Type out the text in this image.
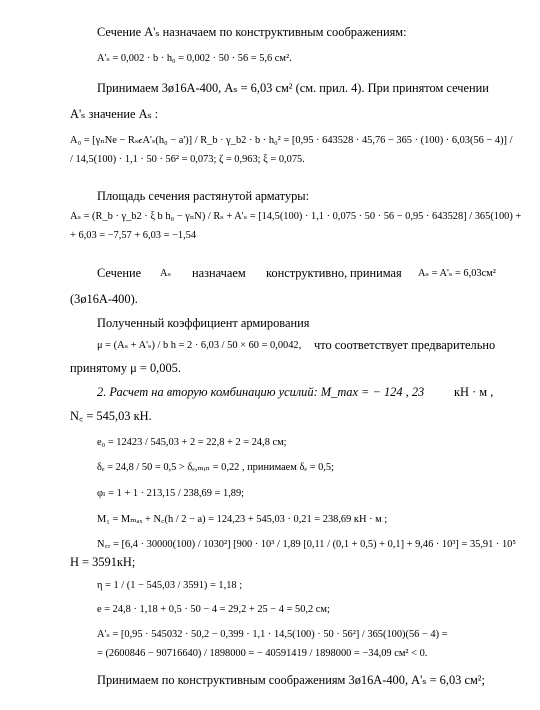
Сечение A'ₛ назначаем по конструктивным соображениям:
A'ₛ = 0,002 · b · h₀ = 0,002 · 50 · 56 = 5,6 см².
Принимаем 3ø16А-400, Aₛ = 6,03 см² (см. прил. 4). При принятом сечении
A'ₛ значение Aₛ :
A₀ = [γₙNe − Rₛ𝒸A'ₛ(h₀ − a')] / R_b · γ_b2 · b · h₀² = [0,95 · 643528 · 45,76 − 365 · (100) · 6,03(56 − 4)] /
/ 14,5(100) · 1,1 · 50 · 56² = 0,073; ζ = 0,963; ξ = 0,075.
Площадь сечения растянутой арматуры:
Aₛ = (R_b · γ_b2 · ξ b h₀ − γₙN) / Rₛ + A'ₛ = [14,5(100) · 1,1 · 0,075 · 50 · 56 − 0,95 · 643528] / 365(100) +
+ 6,03 = −7,57 + 6,03 = −1,54
Сечение Aₛ назначаем конструктивно, принимая Aₛ = A'ₛ = 6,03см²
(3ø16А-400).
Полученный коэффициент армирования
μ = (Aₛ + A'ₛ) / b h = 2 · 6,03 / 50 × 60 = 0,0042, что соответствует предварительно
принятому μ = 0,005.
2. Расчет на вторую комбинацию усилий: M_max = − 124 , 23 кН · м ,
N꜀ = 545,03 кН.
e₀ = 12423 / 545,03 + 2 = 22,8 + 2 = 24,8 см;
δₑ = 24,8 / 50 = 0,5 > δₑ,ₘᵢₙ = 0,22 , принимаем δₑ = 0,5;
φₗ = 1 + 1 · 213,15 / 238,69 = 1,89;
M₁ = Mₘₐₓ + N꜀(h / 2 − a) = 124,23 + 545,03 · 0,21 = 238,69 кН · м ;
N꜀ᵣ = [6,4 · 30000(100) / 1030²] [900 · 10³ / 1,89 [0,11 / (0,1 + 0,5) + 0,1] + 9,46 · 10³] = 35,91 · 10⁵
Н = 3591кН;
η = 1 / (1 − 545,03 / 3591) = 1,18 ;
e = 24,8 · 1,18 + 0,5 · 50 − 4 = 29,2 + 25 − 4 = 50,2 см;
A'ₛ = [0,95 · 545032 · 50,2 − 0,399 · 1,1 · 14,5(100) · 50 · 56²] / 365(100)(56 − 4) =
= (2600846 − 90716640) / 1898000 = − 40591419 / 1898000 = −34,09 см² < 0.
Принимаем по конструктивным соображениям 3ø16А-400, A'ₛ = 6,03 см²;
